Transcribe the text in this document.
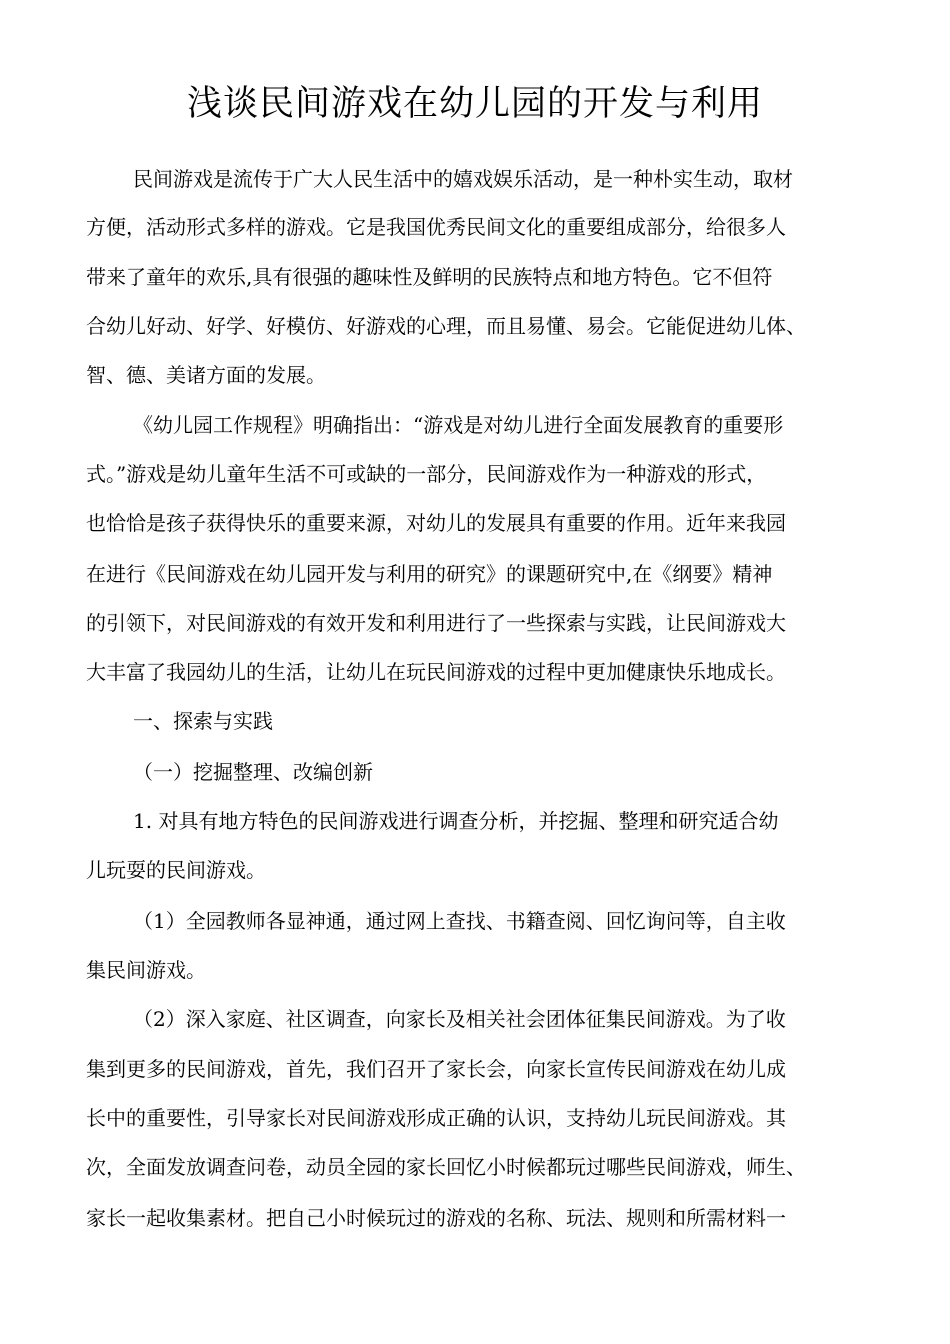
浅谈民间游戏在幼儿园的开发与利用

民间游戏是流传于广大人民生活中的嬉戏娱乐活动，是一种朴实生动，取材

方便，活动形式多样的游戏。它是我国优秀民间文化的重要组成部分，给很多人

带来了童年的欢乐,具有很强的趣味性及鲜明的民族特点和地方特色。它不但符

合幼儿好动、好学、好模仿、好游戏的心理，而且易懂、易会。它能促进幼儿体、

智、德、美诸方面的发展。

《幼儿园工作规程》明确指出：“游戏是对幼儿进行全面发展教育的重要形

式。”游戏是幼儿童年生活不可或缺的一部分，民间游戏作为一种游戏的形式，

也恰恰是孩子获得快乐的重要来源，对幼儿的发展具有重要的作用。近年来我园

在进行《民间游戏在幼儿园开发与利用的研究》的课题研究中,在《纲要》精神

的引领下，对民间游戏的有效开发和利用进行了一些探索与实践，让民间游戏大

大丰富了我园幼儿的生活，让幼儿在玩民间游戏的过程中更加健康快乐地成长。

一、探索与实践

（一）挖掘整理、改编创新

1. 对具有地方特色的民间游戏进行调查分析，并挖掘、整理和研究适合幼

儿玩耍的民间游戏。

（1）全园教师各显神通，通过网上查找、书籍查阅、回忆询问等，自主收

集民间游戏。

（2）深入家庭、社区调查，向家长及相关社会团体征集民间游戏。为了收

集到更多的民间游戏，首先，我们召开了家长会，向家长宣传民间游戏在幼儿成

长中的重要性，引导家长对民间游戏形成正确的认识，支持幼儿玩民间游戏。其

次，全面发放调查问卷，动员全园的家长回忆小时候都玩过哪些民间游戏，师生、

家长一起收集素材。把自己小时候玩过的游戏的名称、玩法、规则和所需材料一
